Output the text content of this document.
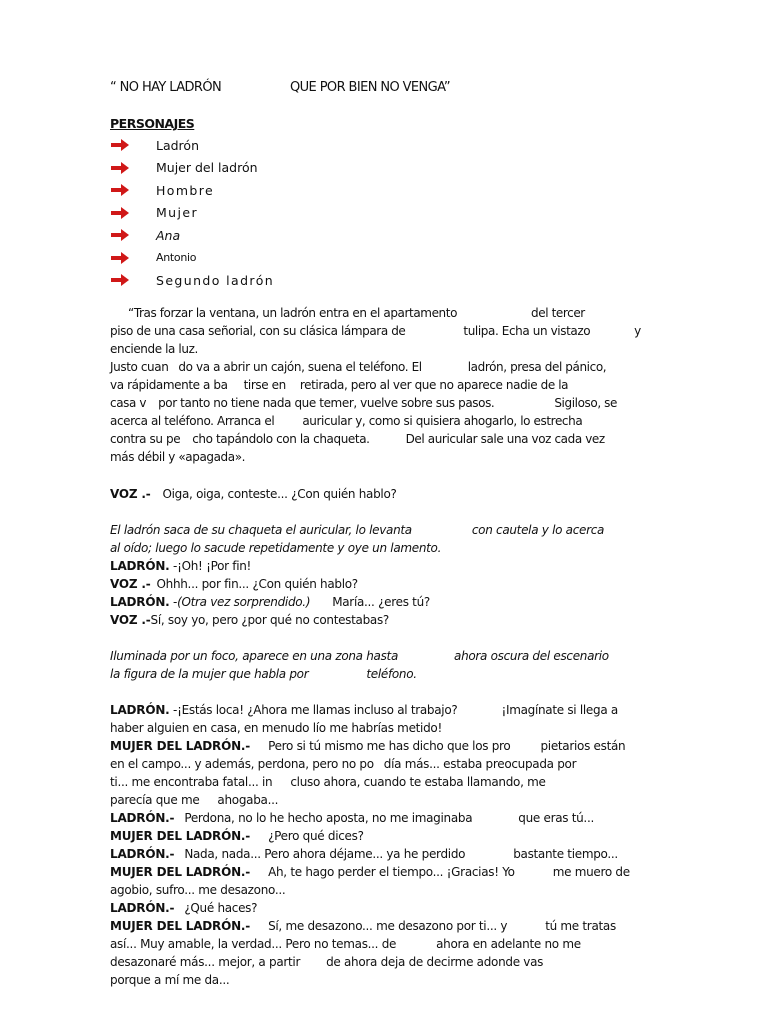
“ NO HAY LADRÓN	QUE POR BIEN NO VENGA”
PERSONAJES
Ladrón
Mujer del ladrón
Hombre
Mujer
Ana
Antonio
Segundo ladrón

“Tras forzar la ventana, un ladrón entra en el apartamento	del tercer

piso de una casa señorial, con su clásica lámpara de	tulipa. Echa un vistazo	y

enciende la luz.

Justo cuan do va a abrir un cajón, suena el teléfono. El	ladrón, presa del pánico,

va rápidamente a ba tirse en retirada, pero al ver que no aparece nadie de la

casa v por tanto no tiene nada que temer, vuelve sobre sus pasos.	Sigiloso, se

acerca al teléfono. Arranca el auricular y, como si quisiera ahogarlo, lo estrecha

contra su pe cho tapándolo con la chaqueta.	Del auricular sale una voz cada vez

más débil y «apagada».

VOZ .- Oiga, oiga, conteste... ¿Con quién hablo?

El ladrón saca de su chaqueta el auricular, lo levanta	con cautela y lo acerca

al oído; luego lo sacude repetidamente y oye un lamento.

LADRÓN. -¡Oh! ¡Por fin!

VOZ .- Ohhh... por fin... ¿Con quién hablo?

LADRÓN. -(Otra vez sorprendido.) María... ¿eres tú?

VOZ .-Sí, soy yo, pero ¿por qué no contestabas?

Iluminada por un foco, aparece en una zona hasta	ahora oscura del escenario

la figura de la mujer que habla por	teléfono.

LADRÓN. -¡Estás loca! ¿Ahora me llamas incluso al trabajo?	¡Imagínate si llega a

haber alguien en casa, en menudo lío me habrías metido!

MUJER DEL LADRÓN.- Pero si tú mismo me has dicho que los pro	pietarios están

en el campo... y además, perdona, pero no po día más... estaba preocupada por

ti... me encontraba fatal... in cluso ahora, cuando te estaba llamando, me

parecía que me ahogaba...

LADRÓN.- Perdona, no lo he hecho aposta, no me imaginaba	que eras tú...

MUJER DEL LADRÓN.- ¿Pero qué dices?

LADRÓN.- Nada, nada... Pero ahora déjame... ya he perdido	bastante tiempo...

MUJER DEL LADRÓN.- Ah, te hago perder el tiempo... ¡Gracias! Yo	me muero de

agobio, sufro... me desazono...

LADRÓN.- ¿Qué haces?

MUJER DEL LADRÓN.- Sí, me desazono... me desazono por ti... y	tú me tratas

así... Muy amable, la verdad... Pero no temas... de	ahora en adelante no me

desazonaré más... mejor, a partir de ahora deja de decirme adonde vas

porque a mí me da...
